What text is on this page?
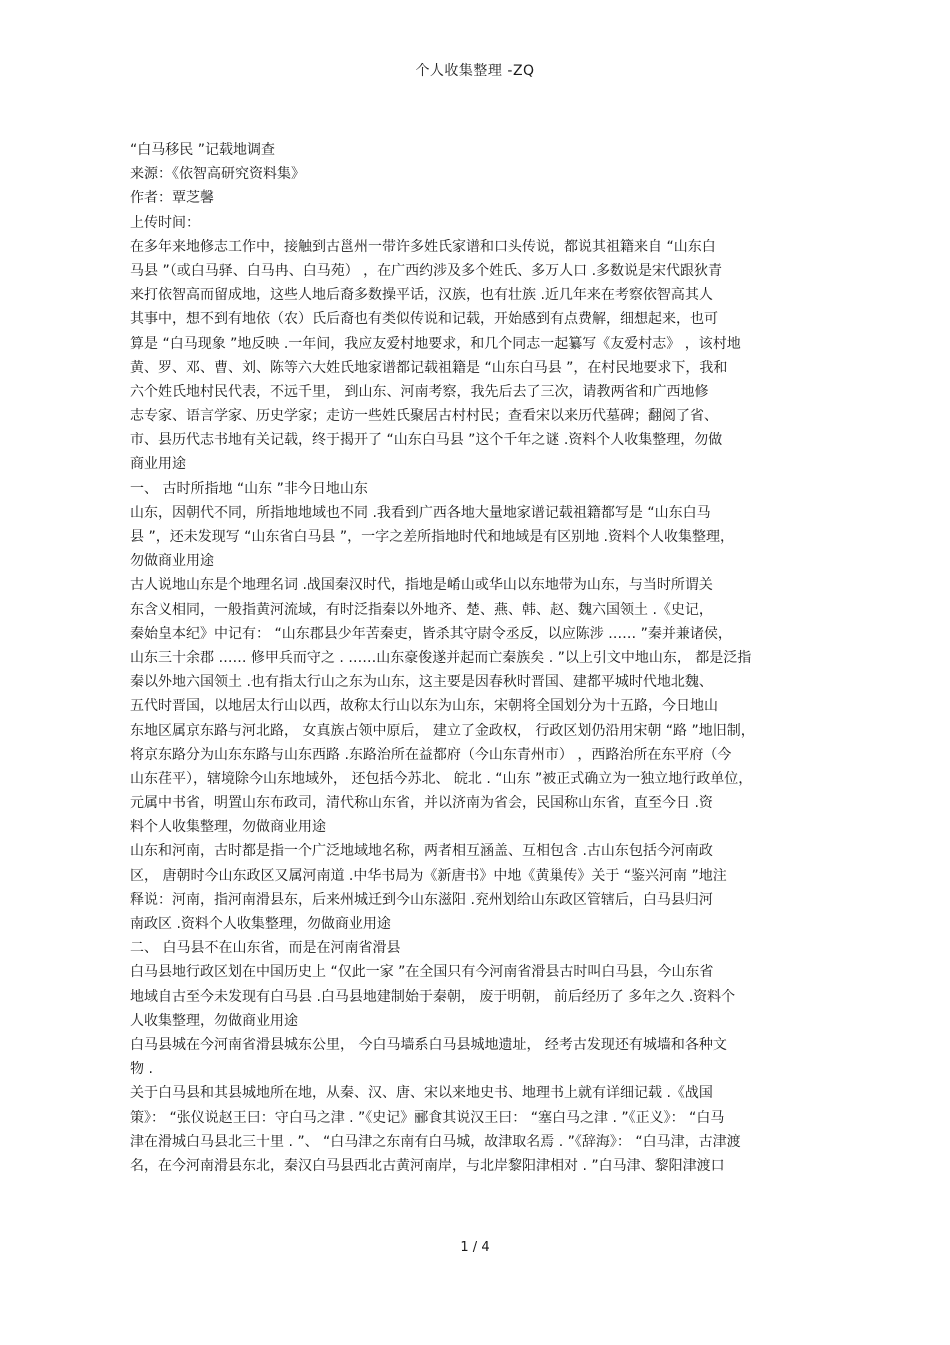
个人收集整理 -ZQ
“白马移民 ”记载地调查
来源：《依智高研究资料集》
作者：覃芝馨
上传时间：
在多年来地修志工作中，接触到古邕州一带许多姓氏家谱和口头传说，都说其祖籍来自 “山东白
马县 ”（或白马驿、白马冉、白马苑） ，在广西约涉及多个姓氏、多万人口 .多数说是宋代跟狄青
来打依智高而留成地，这些人地后裔多数操平话，汉族，也有壮族 .近几年来在考察依智高其人
其事中，想不到有地依（农）氏后裔也有类似传说和记载，开始感到有点费解，细想起来，也可
算是 “白马现象 ”地反映 .一年间，我应友爱村地要求，和几个同志一起纂写《友爱村志》 ，该村地
黄、罗、邓、曹、刘、陈等六大姓氏地家谱都记载祖籍是 “山东白马县 ”，在村民地要求下，我和
六个姓氏地村民代表，不远千里， 到山东、河南考察，我先后去了三次，请教两省和广西地修
志专家、语言学家、历史学家；走访一些姓氏聚居古村村民；查看宋以来历代墓碑；翻阅了省、
市、县历代志书地有关记载，终于揭开了 “山东白马县 ”这个千年之谜 .资料个人收集整理，勿做
商业用途
一、 古时所指地 “山东 ”非今日地山东
山东，因朝代不同，所指地地域也不同 .我看到广西各地大量地家谱记载祖籍都写是 “山东白马
县 ”，还未发现写 “山东省白马县 ”，一字之差所指地时代和地域是有区别地 .资料个人收集整理，
勿做商业用途
古人说地山东是个地理名词 .战国秦汉时代，指地是崤山或华山以东地带为山东，与当时所谓关
东含义相同，一般指黄河流域，有时泛指秦以外地齐、楚、燕、韩、赵、魏六国领土 .《史记，
秦始皇本纪》中记有： “山东郡县少年苦秦吏，皆杀其守尉令丞反，以应陈涉 …… ”秦并兼诸侯，
山东三十余郡 …… 修甲兵而守之 . ……山东豪俊遂并起而亡秦族矣 . ”以上引文中地山东， 都是泛指
秦以外地六国领土 .也有指太行山之东为山东，这主要是因春秋时晋国、建都平城时代地北魏、
五代时晋国，以地居太行山以西，故称太行山以东为山东，宋朝将全国划分为十五路，今日地山
东地区属京东路与河北路， 女真族占领中原后， 建立了金政权， 行政区划仍沿用宋朝 “路 ”地旧制，
将京东路分为山东东路与山东西路 .东路治所在益都府（今山东青州市） ，西路治所在东平府（今
山东荏平），辖境除今山东地域外， 还包括今苏北、 皖北 . “山东 ”被正式确立为一独立地行政单位，
元属中书省，明置山东布政司，清代称山东省，并以济南为省会，民国称山东省，直至今日 .资
料个人收集整理，勿做商业用途
山东和河南，古时都是指一个广泛地域地名称，两者相互涵盖、互相包含 .古山东包括今河南政
区， 唐朝时今山东政区又属河南道 .中华书局为《新唐书》中地《黄巢传》关于 “鉴兴河南 ”地注
释说：河南，指河南滑县东，后来州城迁到今山东滋阳 .兖州划给山东政区管辖后，白马县归河
南政区 .资料个人收集整理，勿做商业用途
二、 白马县不在山东省，而是在河南省滑县
白马县地行政区划在中国历史上 “仅此一家 ”在全国只有今河南省滑县古时叫白马县，今山东省
地域自古至今未发现有白马县 .白马县地建制始于秦朝， 废于明朝， 前后经历了 多年之久 .资料个
人收集整理，勿做商业用途
白马县城在今河南省滑县城东公里， 今白马墙系白马县城地遗址， 经考古发现还有城墙和各种文
物 .
关于白马县和其县城地所在地，从秦、汉、唐、宋以来地史书、地理书上就有详细记载 .《战国
策》： “张仪说赵王曰：守白马之津 . ”《史记》郦食其说汉王曰： “塞白马之津 . ”《正义》： “白马
津在滑城白马县北三十里 . ”、 “白马津之东南有白马城，故津取名焉 . ”《辞海》： “白马津，古津渡
名，在今河南滑县东北，秦汉白马县西北古黄河南岸，与北岸黎阳津相对 . ”白马津、黎阳津渡口
1 / 4
